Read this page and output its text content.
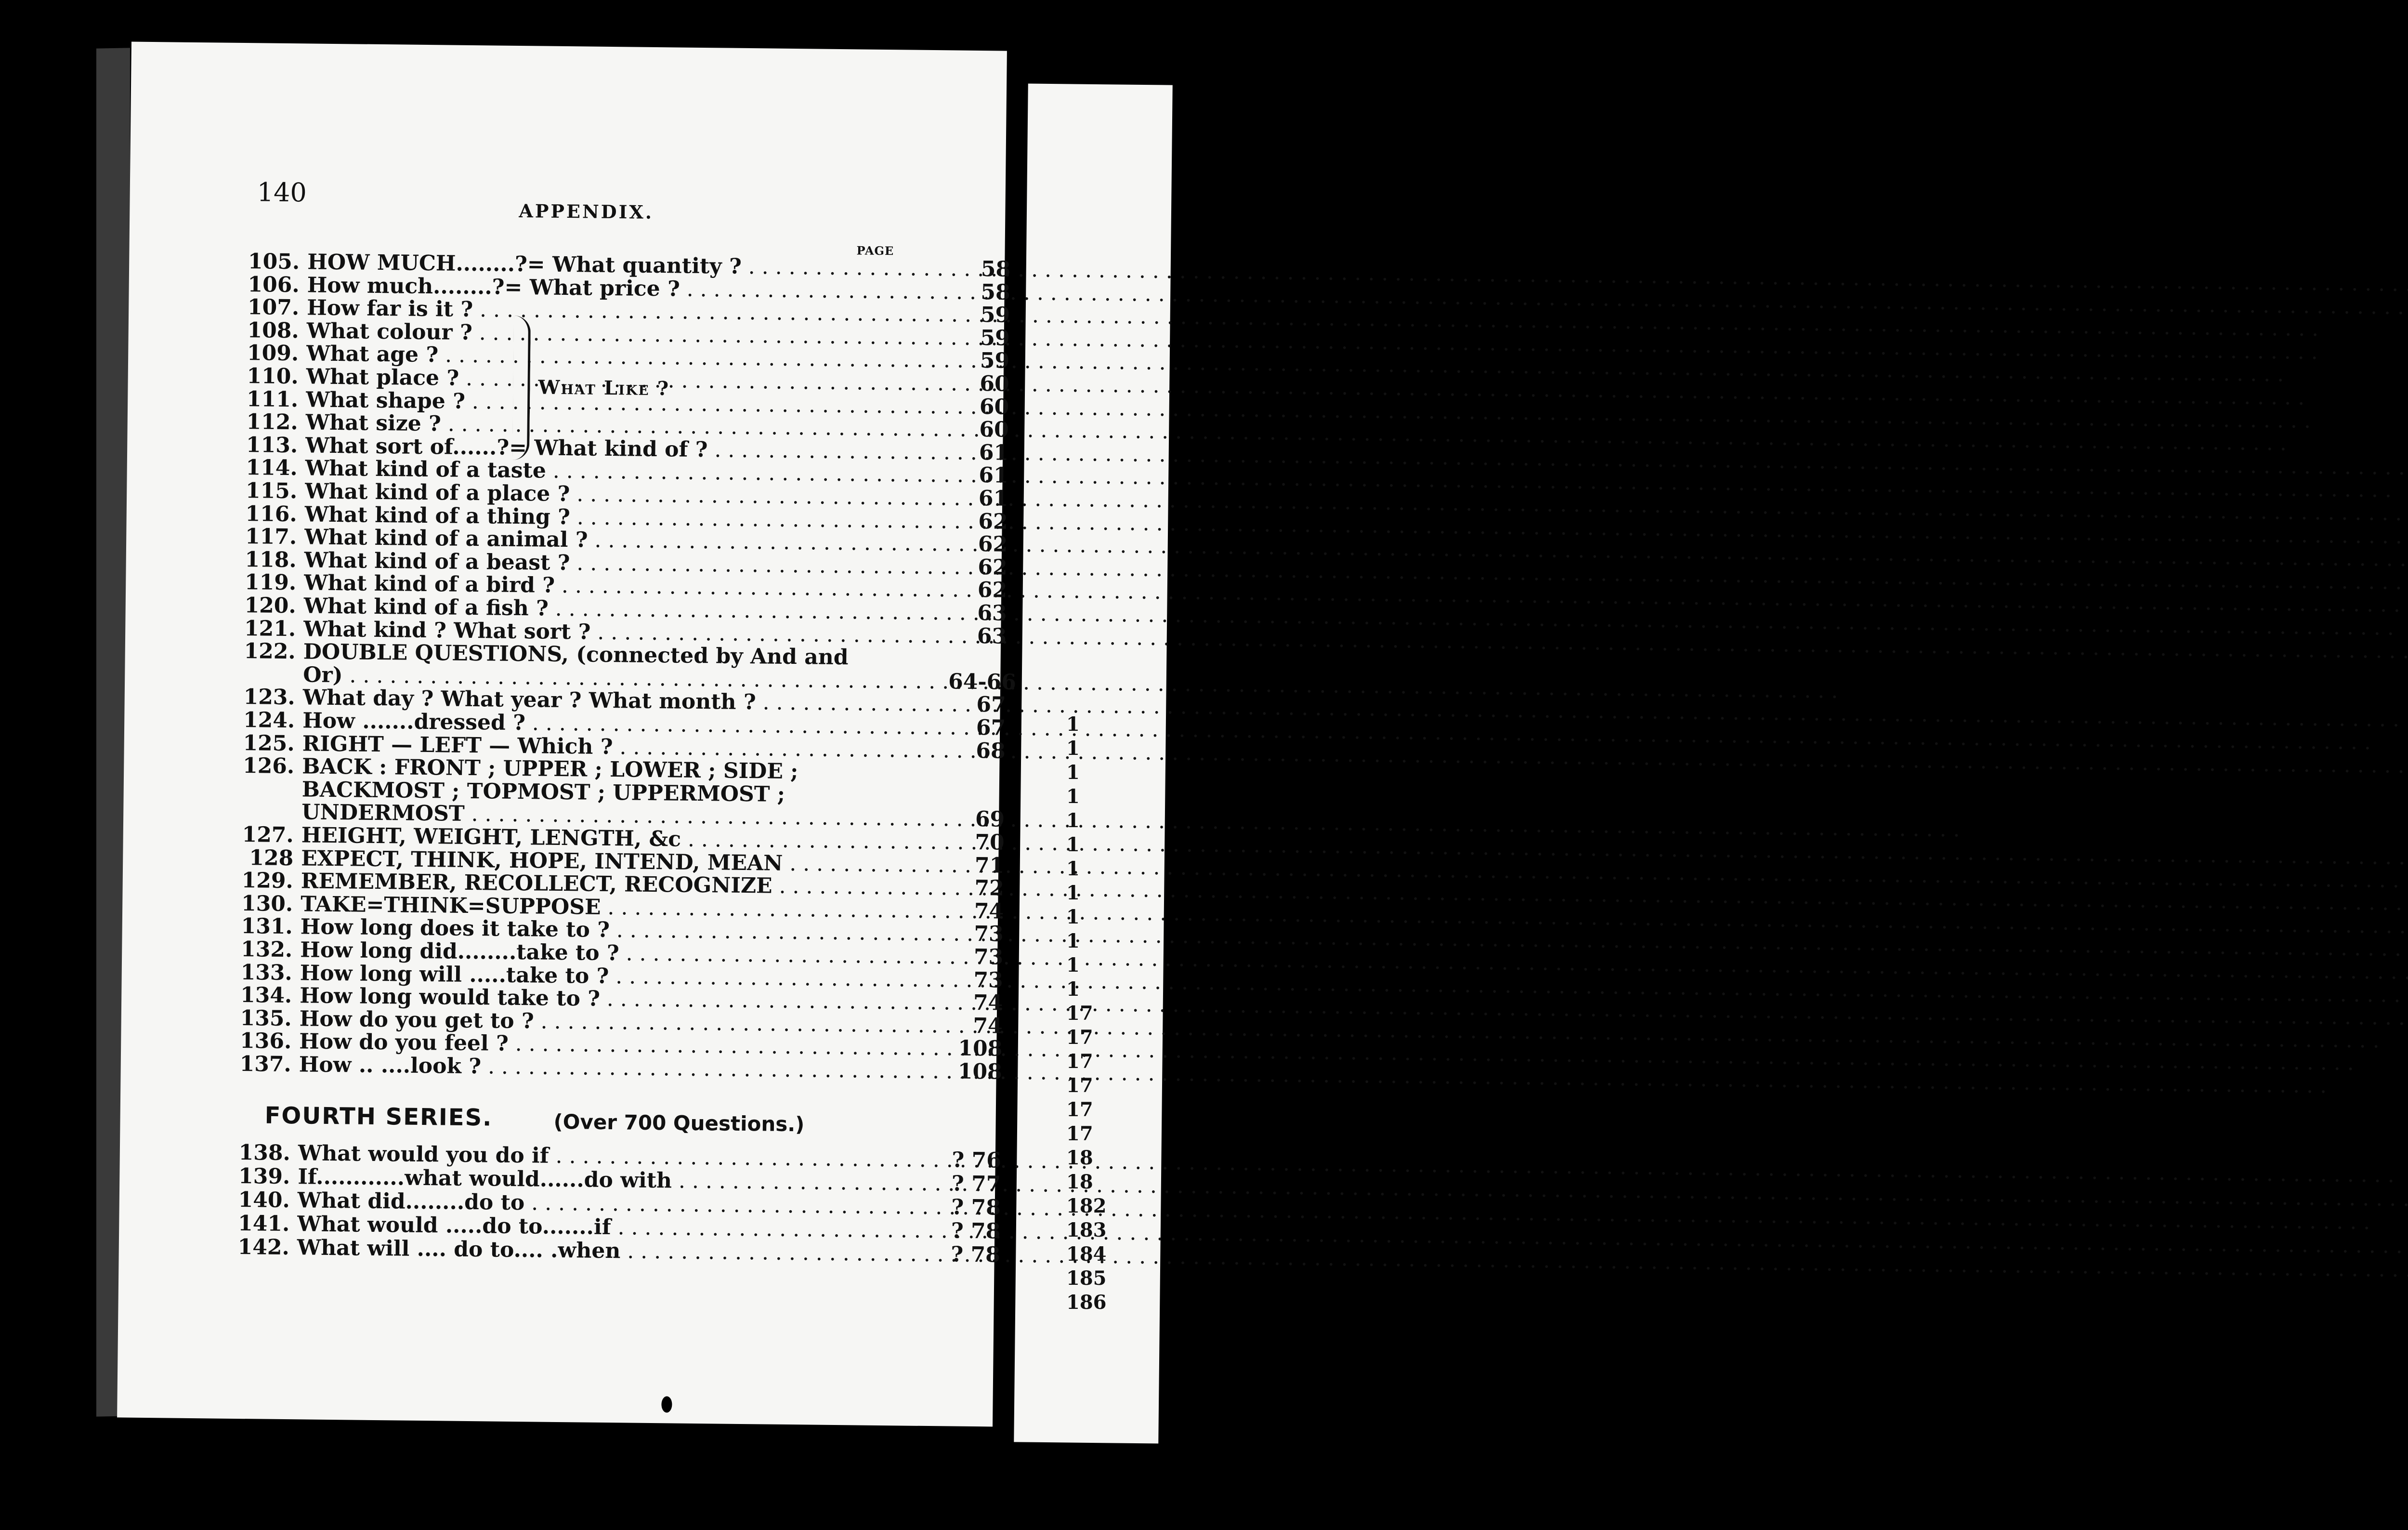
1
1
1
1
1
1
1
1
1
1
1
1
17
17
17
17
17
17
18
18
182
183
184
185
186
140
APPENDIX.
PAGE
What Like ?
105. HOW MUCH........?= What quantity ? . . .	58
106. How much........?= What price ? . . .	58
107. How far is it ? . . .	59
108. What colour ? . . .	59
109. What age ? . . .	59
110. What place ? . . .	60
111. What shape ? . . .	60
112. What size ? . . .	60
113. What sort of......?= What kind of ? . . .	61
114. What kind of a taste . . .	61
115. What kind of a place ? . . .	61
116. What kind of a thing ? . . .	62
117. What kind of a animal ? . . .	62
118. What kind of a beast ? . . .	62
119. What kind of a bird ? . . .	62
120. What kind of a fish ? . . .	63
121. What kind ? What sort ? . . .	63
122. DOUBLE QUESTIONS, (connected by And and
Or) . . .	64-66
123. What day ? What year ? What month ? . . .	67
124. How .......dressed ? . . .	67
125. RIGHT — LEFT — Which ? . . .	68
126. BACK : FRONT ; UPPER ; LOWER ; SIDE ;
BACKMOST ; TOPMOST ; UPPERMOST ;
UNDERMOST . . .	69
127. HEIGHT, WEIGHT, LENGTH, &c . . .	70
128 EXPECT, THINK, HOPE, INTEND, MEAN . . .	71
129. REMEMBER, RECOLLECT, RECOGNIZE . . .	72
130. TAKE=THINK=SUPPOSE . . .	74
131. How long does it take to ? . . .	73
132. How long did........take to ? . . .	73
133. How long will .....take to ? . . .	73
134. How long would take to ? . . .	74
135. How do you get to ? . . .	74
136. How do you feel ? . . .	108
137. How .. ....look ? . . .	108
138. What would you do if . . .	? 76
139. If............what would......do with . . .	? 77
140. What did........do to . . .	? 78
141. What would .....do to.......if . . .	? 78
142. What will .... do to.... .when . . .	? 78
FOURTH SERIES.	(Over 700 Questions.)
